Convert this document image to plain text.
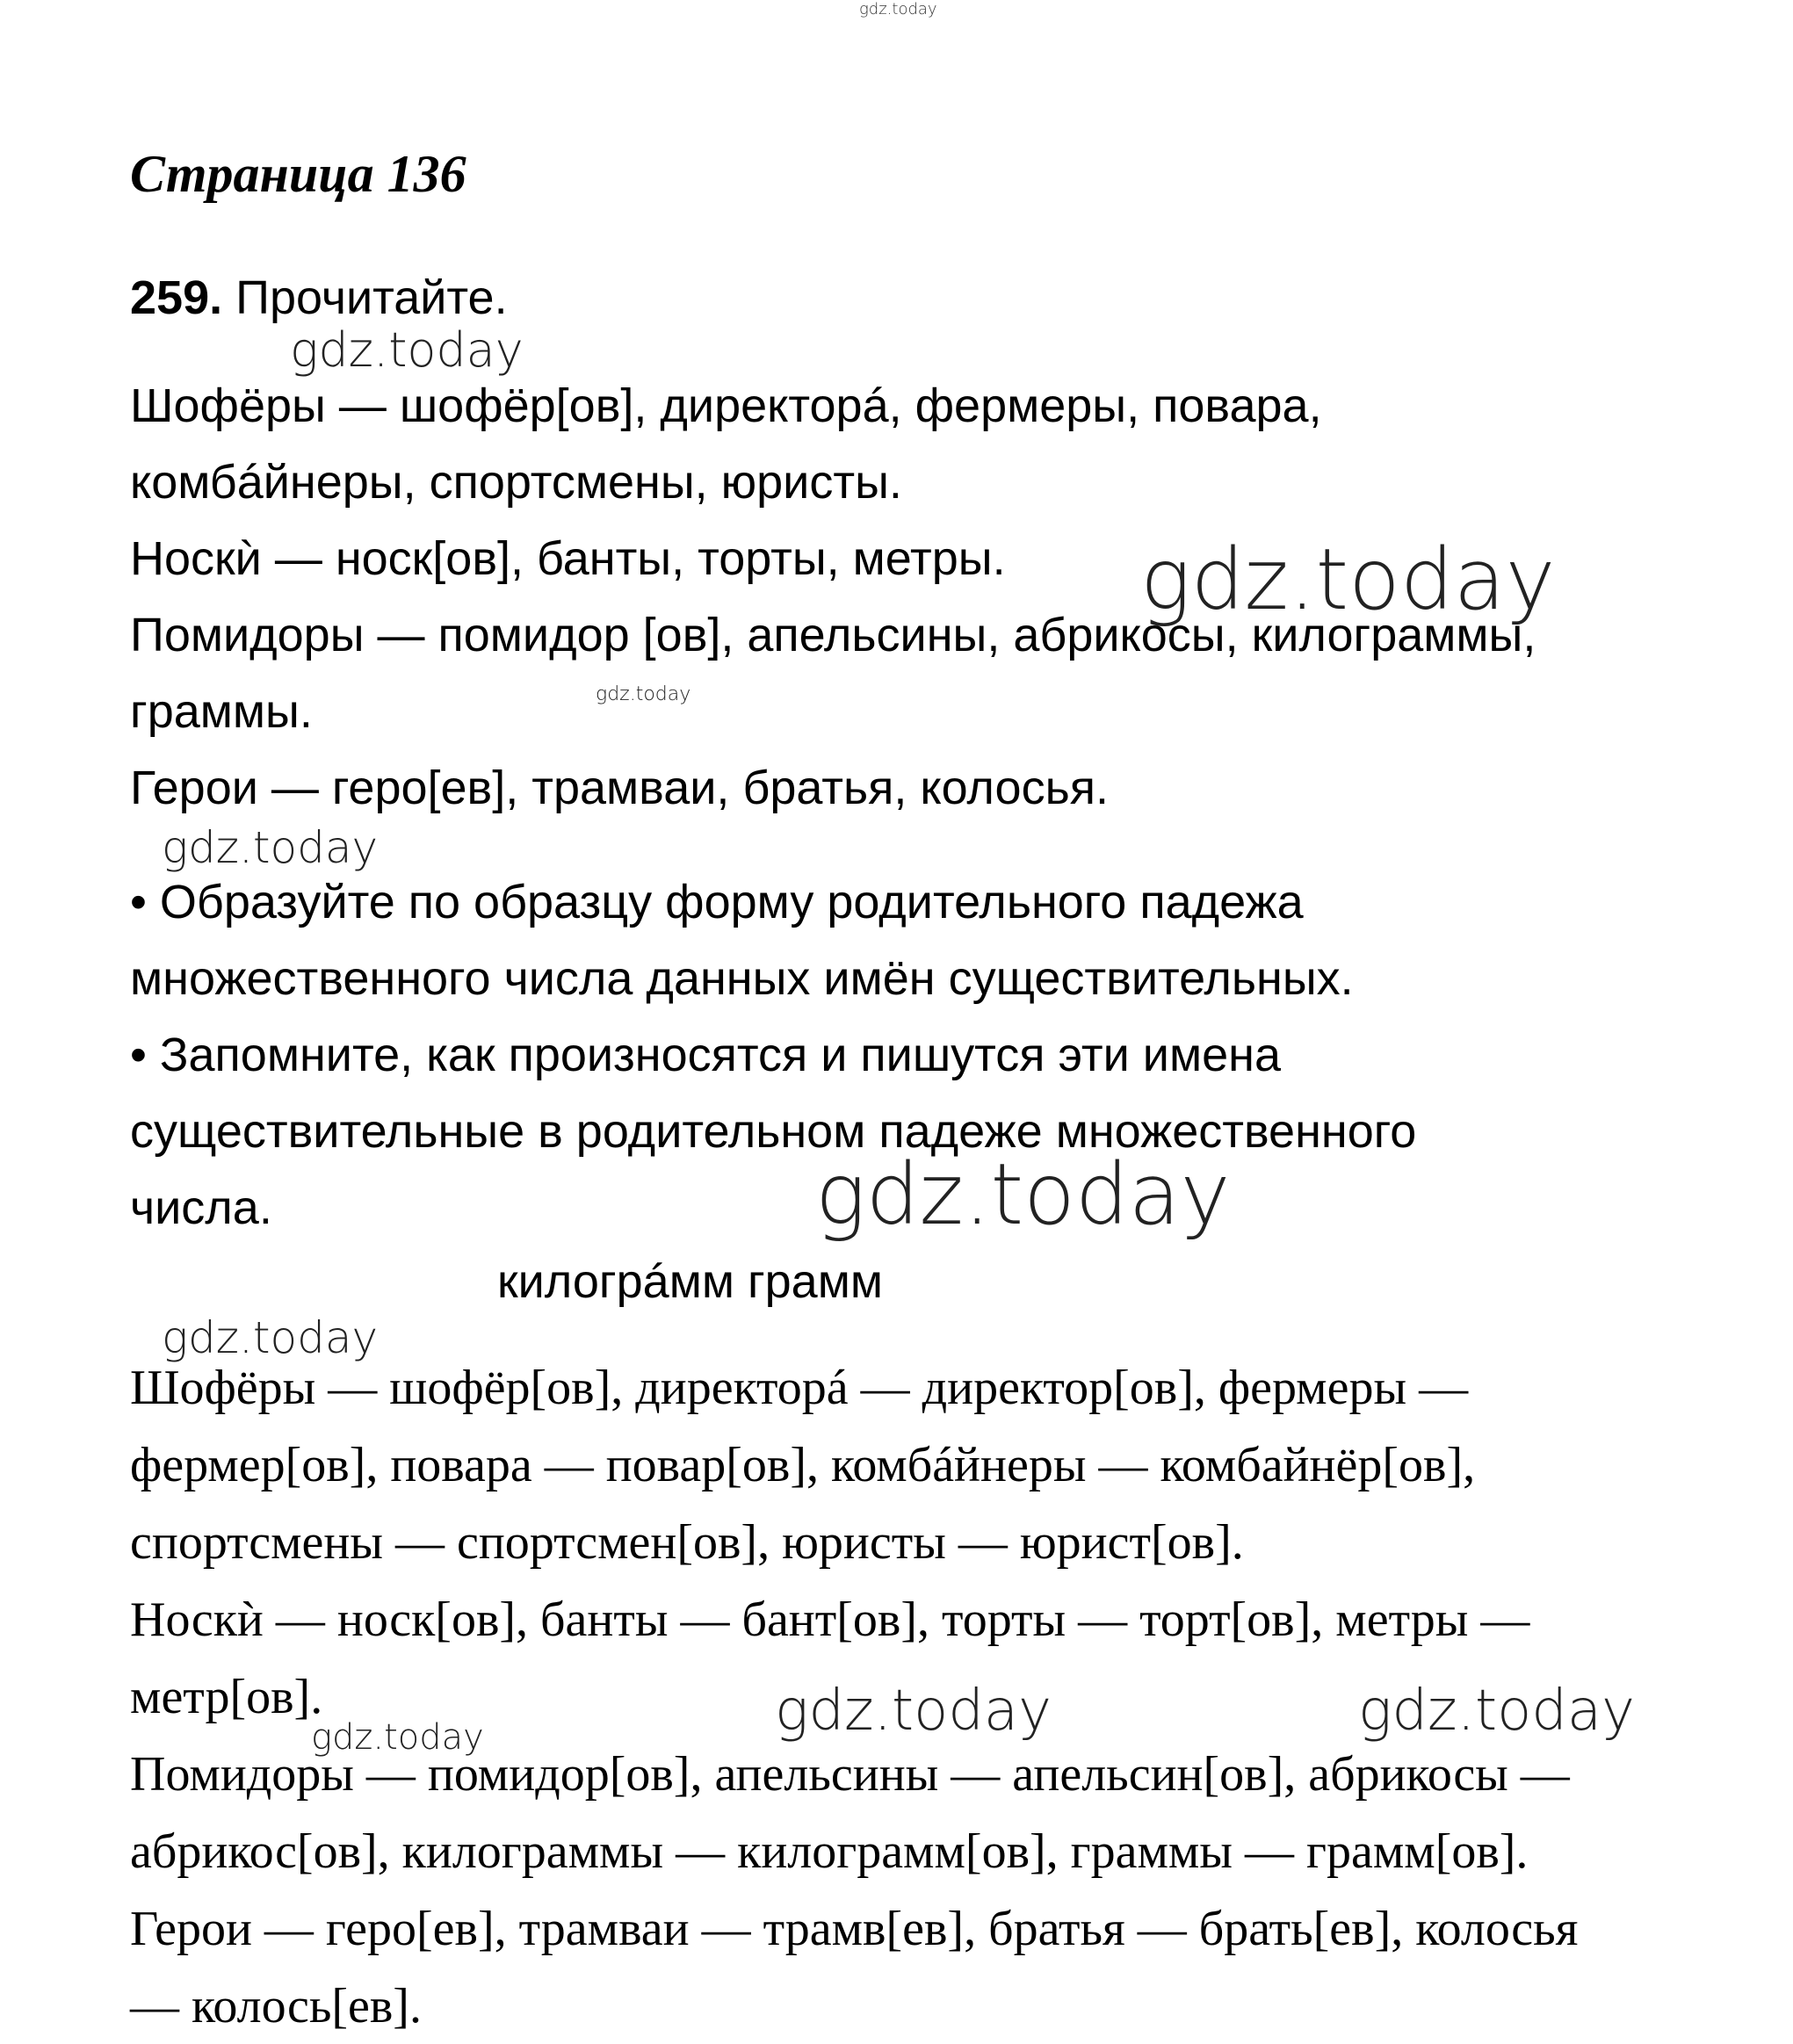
gdz.today
Страница 136
259. Прочитайте.
Шофёры — шофёр[ов], директорá, фермеры, повара,
комбáйнеры, спортсмены, юристы.
Носкѝ — носк[ов], банты, торты, метры.
Помидоры — помидор [ов], апельсины, абрикосы, килограммы,
граммы.
Герои — геро[ев], трамваи, братья, колосья.
• Образуйте по образцу форму родительного падежа
множественного числа данных имён существительных.
• Запомните, как произносятся и пишутся эти имена
существительные в родительном падеже множественного
числа.
килогрáмм грамм
Шофёры — шофёр[ов], директорá — директор[ов], фермеры —
фермер[ов], повара — повар[ов], комбáйнеры — комбайнёр[ов],
спортсмены — спортсмен[ов], юристы — юрист[ов].
Носкѝ — носк[ов], банты — бант[ов], торты — торт[ов], метры —
метр[ов].
Помидоры — помидор[ов], апельсины — апельсин[ов], абрикосы —
абрикос[ов], килограммы — килограмм[ов], граммы — грамм[ов].
Герои — геро[ев], трамваи — трамв[ев], братья — брать[ев], колосья
— колось[ев].
gdz.today
gdz.today
gdz.today
gdz.today
gdz.today
gdz.today
gdz.today	gdz.today
gdz.today
